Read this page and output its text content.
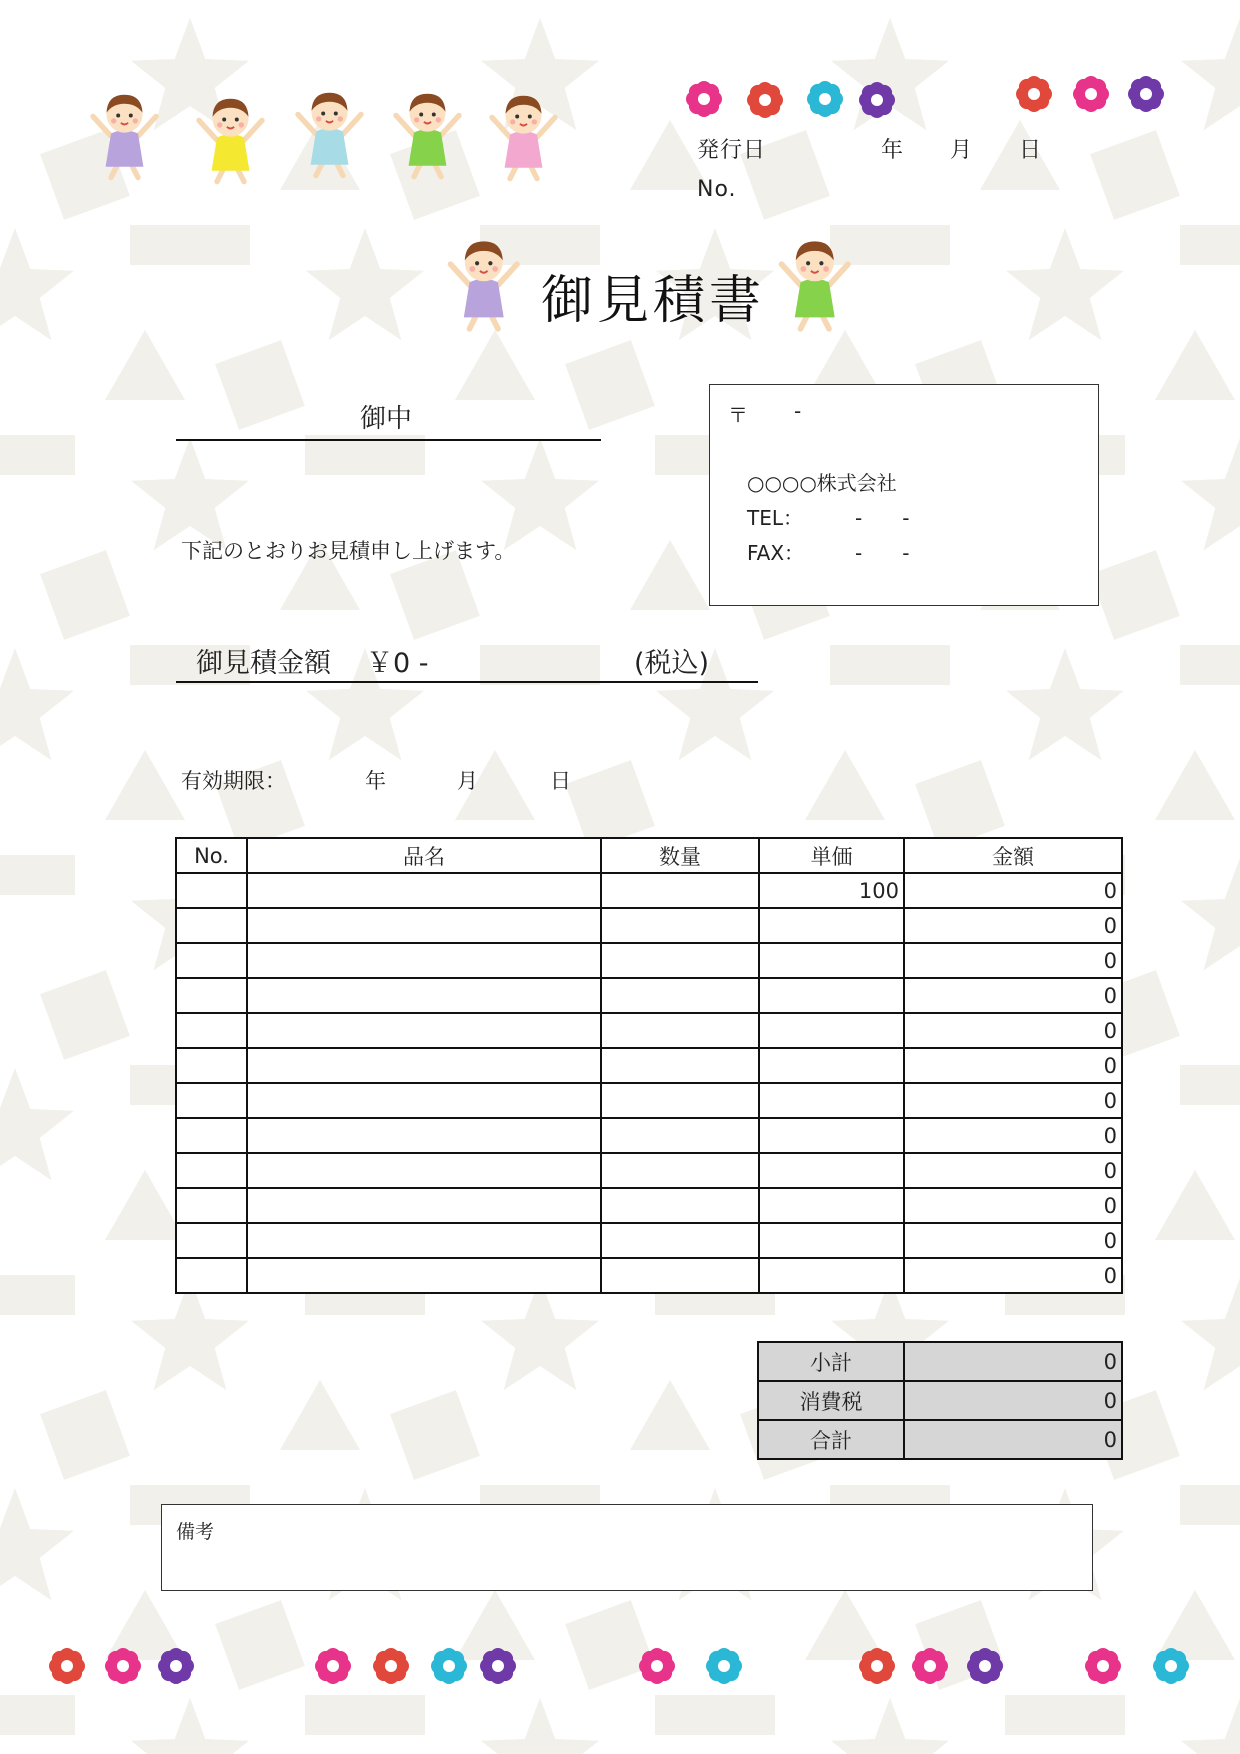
発行日	年 月 日
No.
御見積書
御中	〒 -
○○○○株式会社
TEL：	-　　-
FAX：	-　　-
下記のとおりお見積申し上げます。
御見積金額 ￥0 -	(税込)
有効期限：	年	月	日
No.	品名	数量	単価	金額
			100	0
				0
				0
				0
				0
				0
				0
				0
				0
				0
				0
				0
小計	0
消費税	0
合計	0
備考
